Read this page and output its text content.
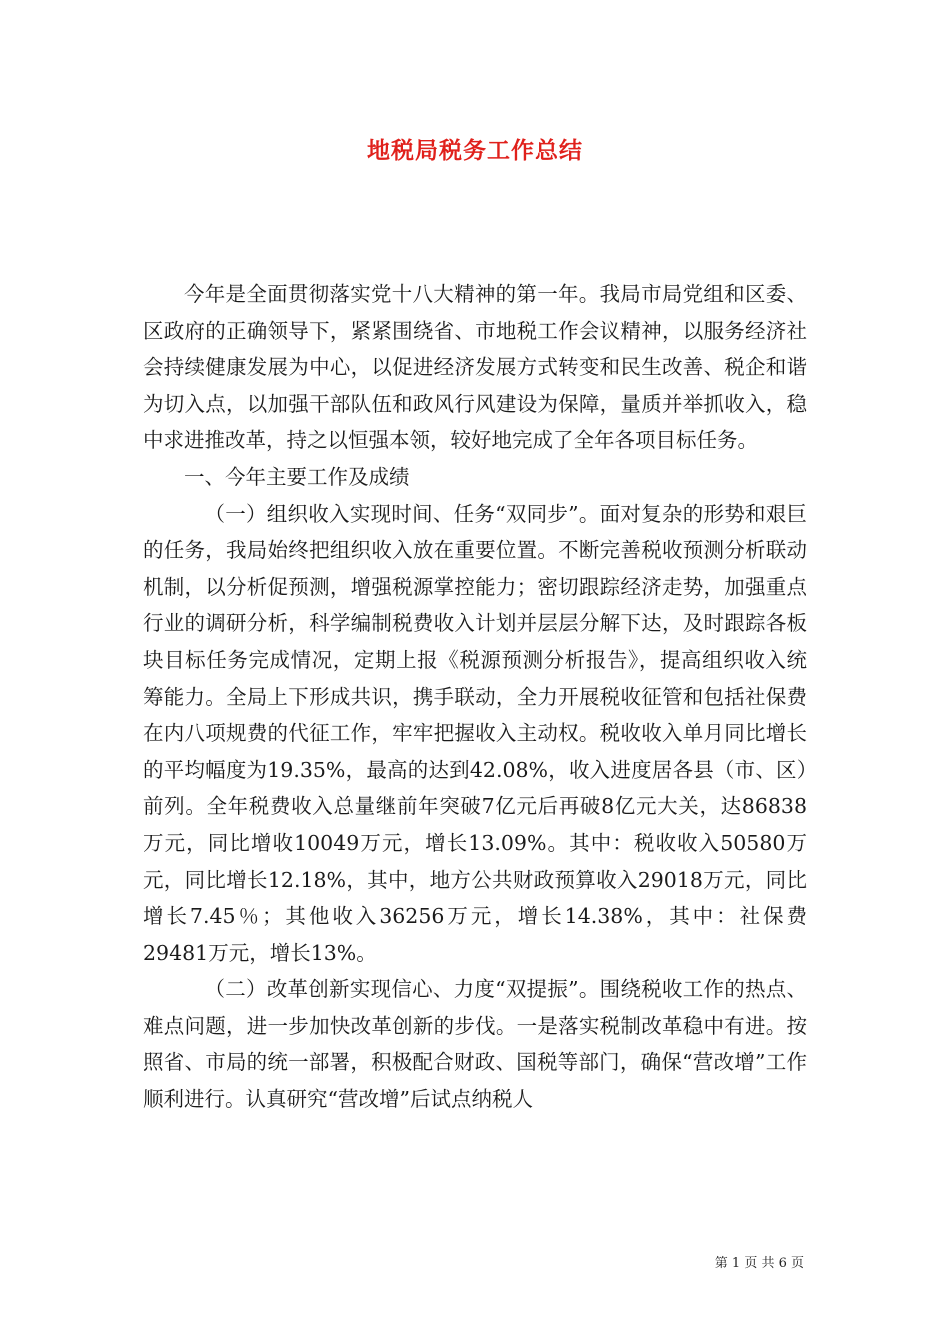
地税局税务工作总结

今年是全面贯彻落实党十八大精神的第一年。我局市局党组和区委、区政府的正确领导下，紧紧围绕省、市地税工作会议精神，以服务经济社会持续健康发展为中心，以促进经济发展方式转变和民生改善、税企和谐为切入点，以加强干部队伍和政风行风建设为保障，量质并举抓收入，稳中求进推改革，持之以恒强本领，较好地完成了全年各项目标任务。

一、今年主要工作及成绩

（一）组织收入实现时间、任务“双同步”。面对复杂的形势和艰巨的任务，我局始终把组织收入放在重要位置。不断完善税收预测分析联动机制，以分析促预测，增强税源掌控能力；密切跟踪经济走势，加强重点行业的调研分析，科学编制税费收入计划并层层分解下达，及时跟踪各板块目标任务完成情况，定期上报《税源预测分析报告》，提高组织收入统筹能力。全局上下形成共识，携手联动，全力开展税收征管和包括社保费在内八项规费的代征工作，牢牢把握收入主动权。税收收入单月同比增长的平均幅度为19.35%，最高的达到42.08%，收入进度居各县（市、区）前列。全年税费收入总量继前年突破7亿元后再破8亿元大关，达86838万元，同比增收10049万元，增长13.09%。其中：税收收入50580万元，同比增长12.18%，其中，地方公共财政预算收入29018万元，同比增长7.45％；其他收入36256万元，增长14.38%，其中：社保费29481万元，增长13%。

（二）改革创新实现信心、力度“双提振”。围绕税收工作的热点、难点问题，进一步加快改革创新的步伐。一是落实税制改革稳中有进。按照省、市局的统一部署，积极配合财政、国税等部门，确保“营改增”工作顺利进行。认真研究“营改增”后试点纳税人

第 1 页 共 6 页
